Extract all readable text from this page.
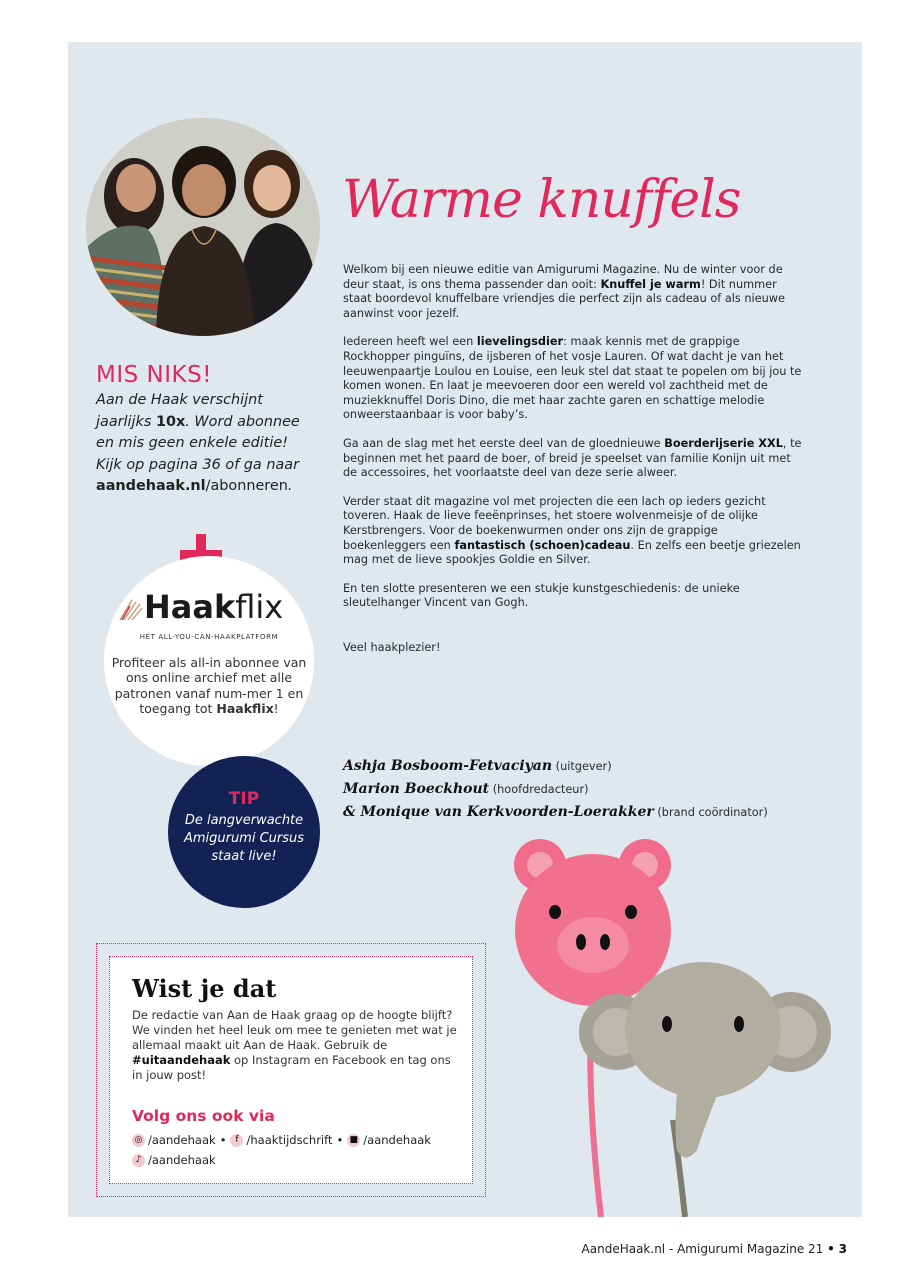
Warme knuffels

Welkom bij een nieuwe editie van Amigurumi Magazine. Nu de winter voor de deur staat, is ons thema passender dan ooit: Knuffel je warm! Dit nummer staat boordevol knuffelbare vriendjes die perfect zijn als cadeau of als nieuwe aanwinst voor jezelf.

Iedereen heeft wel een lievelingsdier: maak kennis met de grappige Rockhopper pinguïns, de ijsberen of het vosje Lauren. Of wat dacht je van het leeuwenpaartje Loulou en Louise, een leuk stel dat staat te popelen om bij jou te komen wonen. En laat je meevoeren door een wereld vol zachtheid met de muziekknuffel Doris Dino, die met haar zachte garen en schattige melodie onweerstaanbaar is voor baby’s.

Ga aan de slag met het eerste deel van de gloednieuwe Boerderijserie XXL, te beginnen met het paard de boer, of breid je speelset van familie Konijn uit met de accessoires, het voorlaatste deel van deze serie alweer.

Verder staat dit magazine vol met projecten die een lach op ieders gezicht toveren. Haak de lieve feeënprinses, het stoere wolvenmeisje of de olijke Kerstbrengers. Voor de boekenwurmen onder ons zijn de grappige boekenleggers een fantastisch (schoen)cadeau. En zelfs een beetje griezelen mag met de lieve spookjes Goldie en Silver.

En ten slotte presenteren we een stukje kunstgeschiedenis: de unieke sleutelhanger Vincent van Gogh.

Veel haakplezier!

Ashja Bosboom-Fetvaciyan (uitgever)
Marion Boeckhout (hoofdredacteur)
& Monique van Kerkvoorden-Loerakker (brand coördinator)
MIS NIKS!
Aan de Haak verschijnt jaarlijks 10x. Word abonnee en mis geen enkele editie! Kijk op pagina 36 of ga naar aandehaak.nl/abonneren.
Haakflix
HÉT ALL-YOU-CAN-HAAKPLATFORM
Profiteer als all-in abonnee van ons online archief met alle patronen vanaf num-mer 1 en toegang tot Haakflix!
TIP
De langverwachte Amigurumi Cursus staat live!
Wist je dat
De redactie van Aan de Haak graag op de hoogte blijft? We vinden het heel leuk om mee te genieten met wat je allemaal maakt uit Aan de Haak. Gebruik de #uitaandehaak op Instagram en Facebook en tag ons in jouw post!
Volg ons ook via
◎ /aandehaak • f /haaktijdschrift • ■ /aandehaak
♪ /aandehaak
AandeHaak.nl - Amigurumi Magazine 21 • 3
